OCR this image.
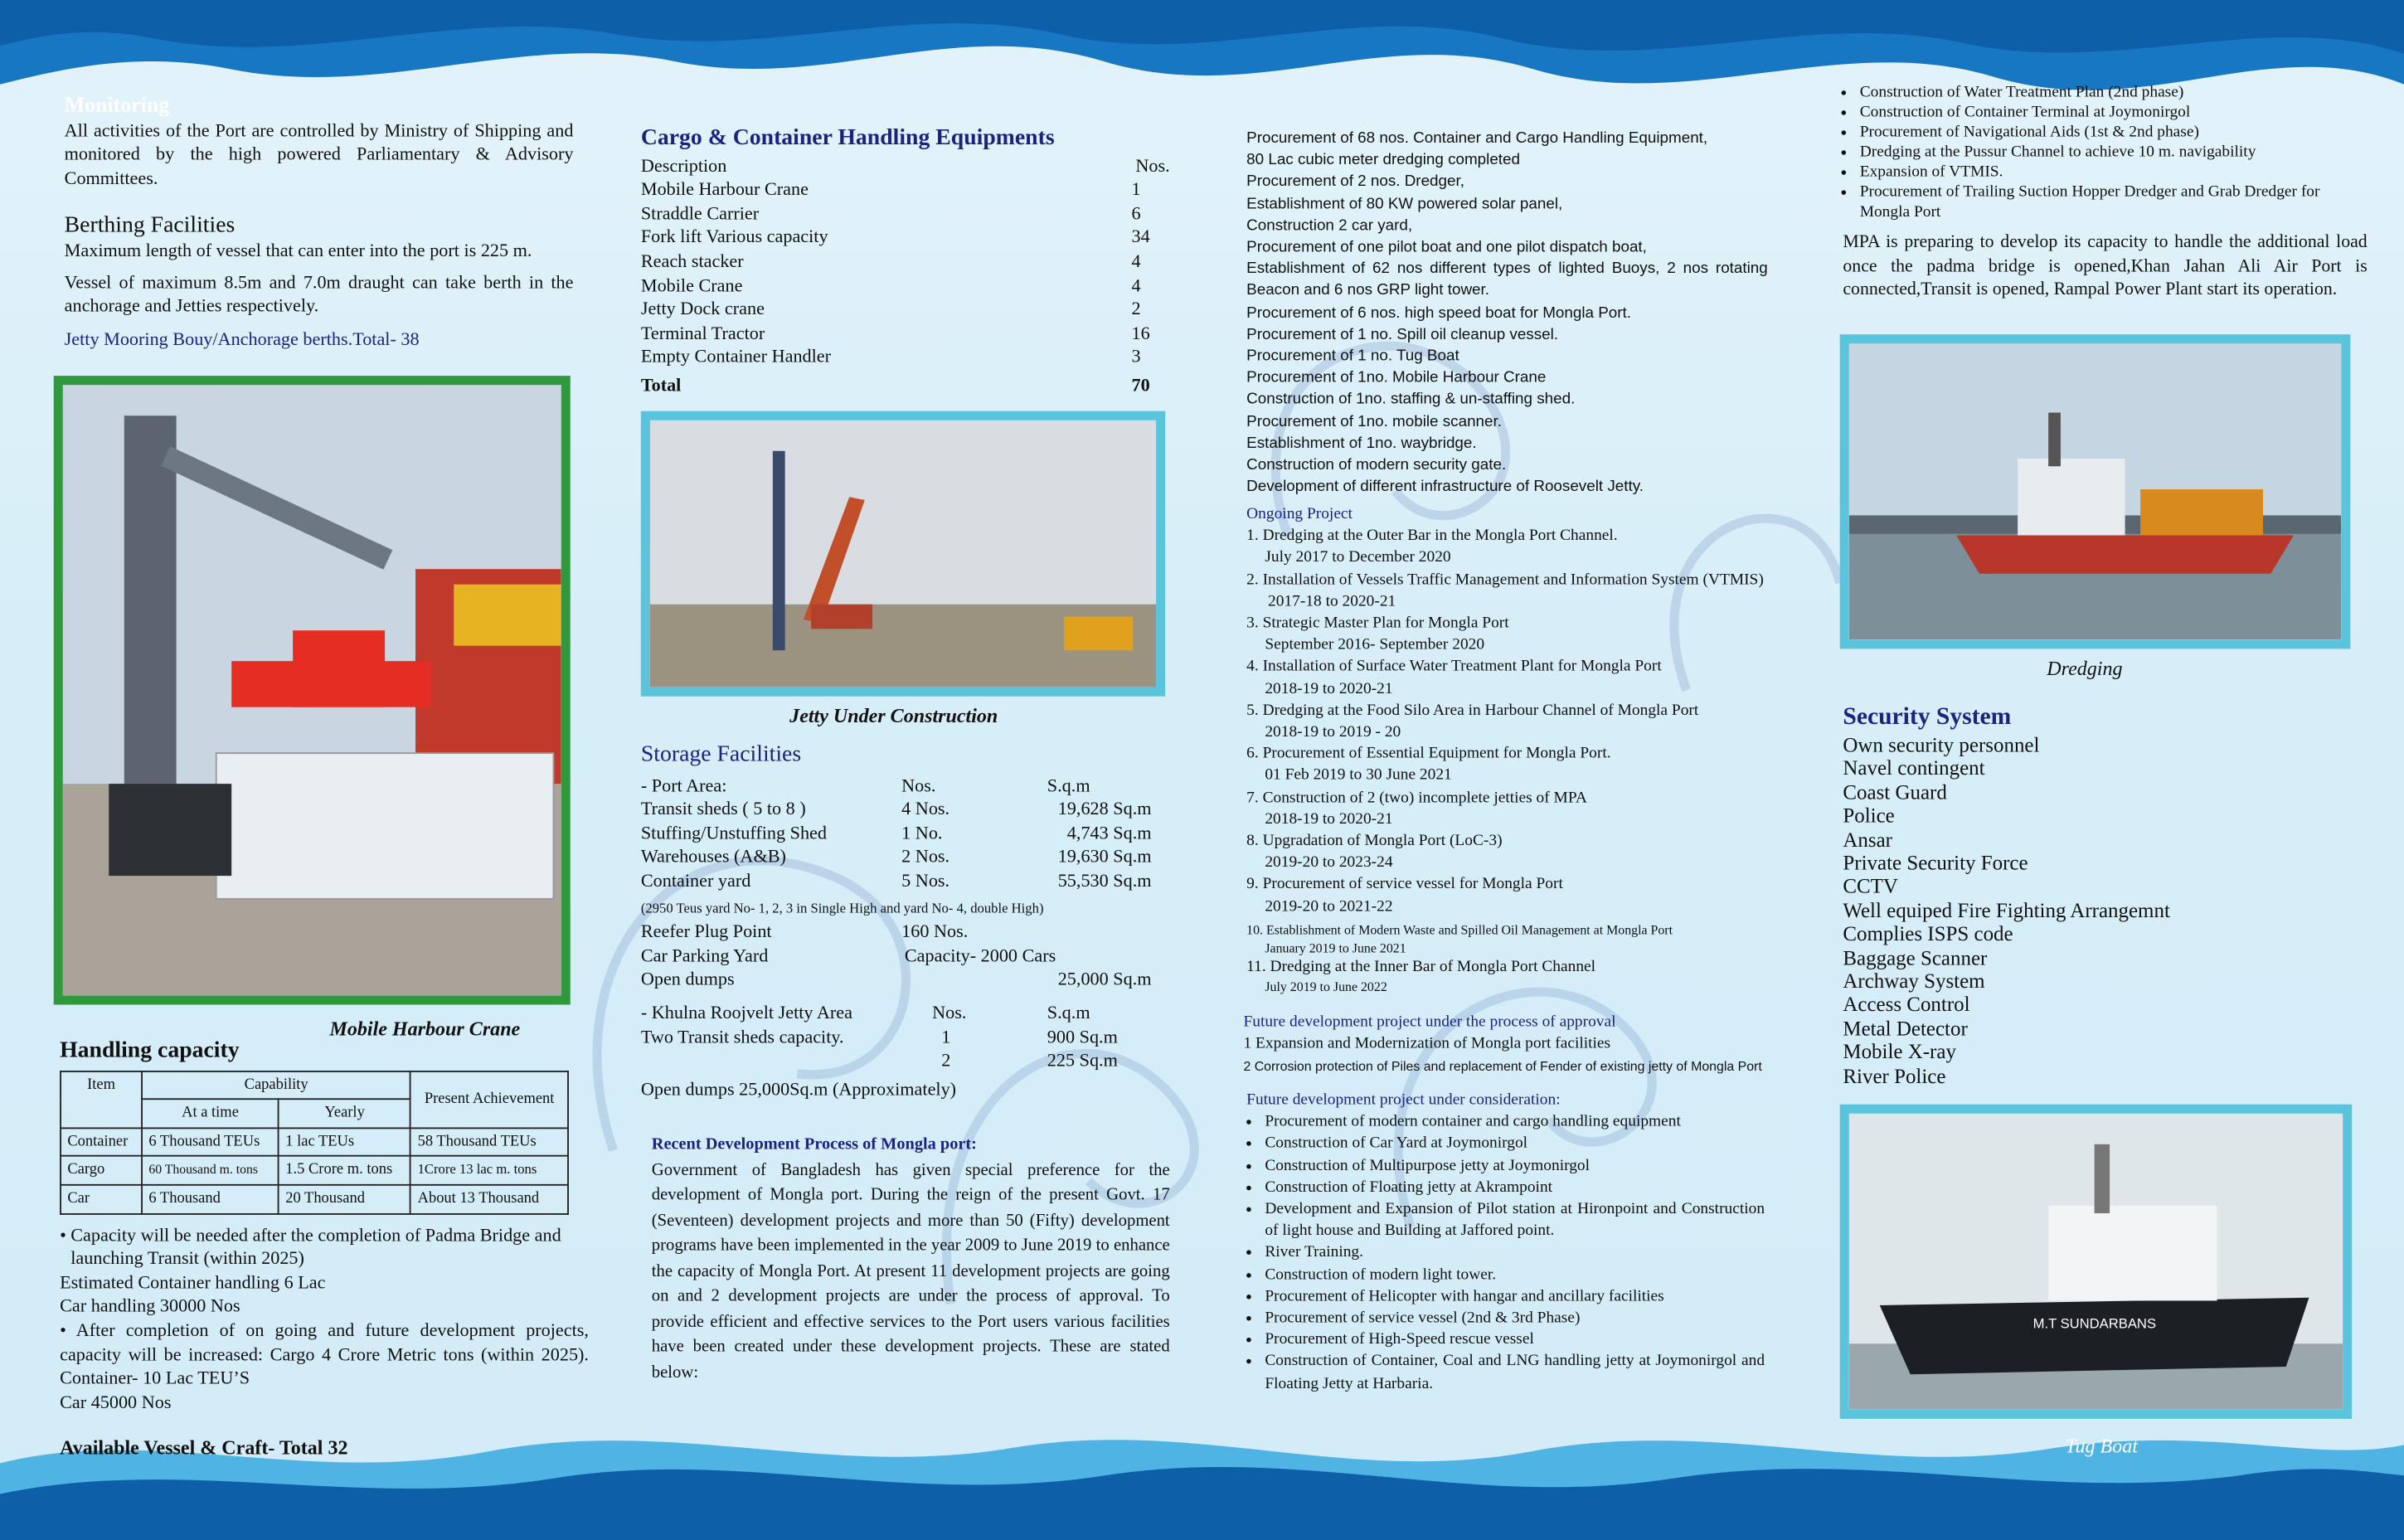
Monitoring
All activities of the Port are controlled by Ministry of Shipping and monitored by the high powered Parliamentary & Advisory Committees.
Berthing Facilities
Maximum length of vessel that can enter into the port is 225 m.
Vessel of maximum 8.5m and 7.0m draught can take berth in the anchorage and Jetties respectively.
Jetty Mooring Bouy/Anchorage berths.Total- 38
Mobile Harbour Crane
Handling capacity
Item	Capability		Present Achievement
	At a time	Yearly	
Container	6 Thousand TEUs	1 lac TEUs	58 Thousand TEUs
Cargo	60 Thousand m. tons	1.5 Crore m. tons	1Crore 13 lac m. tons
Car	6 Thousand	20 Thousand	About 13 Thousand
• Capacity will be needed after the completion of Padma Bridge and launching Transit (within 2025)
Estimated Container handling 6 Lac
Car handling 30000 Nos
• After completion of on going and future development projects, capacity will be increased: Cargo 4 Crore Metric tons (within 2025). Container- 10 Lac TEU’S
Car 45000 Nos
Available Vessel & Craft- Total 32
Cargo & Container Handling Equipments
Description	Nos.
Mobile Harbour Crane	1
Straddle Carrier	6
Fork lift Various capacity	34
Reach stacker	4
Mobile Crane	4
Jetty Dock crane	2
Terminal Tractor	16
Empty Container Handler	3
Total	70
Jetty Under Construction
Storage Facilities
- Port Area:	Nos.	S.q.m
Transit sheds ( 5 to 8 )	4 Nos.	19,628 Sq.m
Stuffing/Unstuffing Shed	1 No.	4,743 Sq.m
Warehouses (A&B)	2 Nos.	19,630 Sq.m
Container yard	5 Nos.	55,530 Sq.m
(2950 Teus yard No- 1, 2, 3 in Single High and yard No- 4, double High)
Reefer Plug Point	160 Nos.
Car Parking Yard	Capacity- 2000 Cars
Open dumps	25,000 Sq.m
- Khulna Roojvelt Jetty Area	Nos.	S.q.m
Two Transit sheds capacity.	1	900 Sq.m
2	225 Sq.m
Open dumps 25,000Sq.m (Approximately)
Recent Development Process of Mongla port:
Government of Bangladesh has given special preference for the development of Mongla port. During the reign of the present Govt. 17 (Seventeen) development projects and more than 50 (Fifty) development programs have been implemented in the year 2009 to June 2019 to enhance the capacity of Mongla Port. At present 11 development projects are going on and 2 development projects are under the process of approval. To provide efficient and effective services to the Port users various facilities have been created under these development projects. These are stated below:
Procurement of 68 nos. Container and Cargo Handling Equipment,
80 Lac cubic meter dredging completed
Procurement of 2 nos. Dredger,
Establishment of 80 KW powered solar panel,
Construction 2 car yard,
Procurement of one pilot boat and one pilot dispatch boat,
Establishment of 62 nos different types of lighted Buoys, 2 nos rotating Beacon and 6 nos GRP light tower.
Procurement of 6 nos. high speed boat for Mongla Port.
Procurement of 1 no. Spill oil cleanup vessel.
Procurement of 1 no. Tug Boat
Procurement of 1no. Mobile Harbour Crane
Construction of 1no. staffing & un-staffing shed.
Procurement of 1no. mobile scanner.
Establishment of 1no. waybridge.
Construction of modern security gate.
Development of different infrastructure of Roosevelt Jetty.
Ongoing Project
1. Dredging at the Outer Bar in the Mongla Port Channel.
July 2017 to December 2020
2. Installation of Vessels Traffic Management and Information System (VTMIS)
2017-18 to 2020-21
3. Strategic Master Plan for Mongla Port
September 2016- September 2020
4. Installation of Surface Water Treatment Plant for Mongla Port
2018-19 to 2020-21
5. Dredging at the Food Silo Area in Harbour Channel of Mongla Port
2018-19 to 2019 - 20
6. Procurement of Essential Equipment for Mongla Port.
01 Feb 2019 to 30 June 2021
7. Construction of 2 (two) incomplete jetties of MPA
2018-19 to 2020-21
8. Upgradation of Mongla Port (LoC-3)
2019-20 to 2023-24
9. Procurement of service vessel for Mongla Port
2019-20 to 2021-22
10. Establishment of Modern Waste and Spilled Oil Management at Mongla Port
January 2019 to June 2021
11. Dredging at the Inner Bar of Mongla Port Channel
July 2019 to June 2022
Future development project under the process of approval
1 Expansion and Modernization of Mongla port facilities
2 Corrosion protection of Piles and replacement of Fender of existing jetty of Mongla Port
Future development project under consideration:
• Procurement of modern container and cargo handling equipment
• Construction of Car Yard at Joymonirgol
• Construction of Multipurpose jetty at Joymonirgol
• Construction of Floating jetty at Akrampoint
• Development and Expansion of Pilot station at Hironpoint and Construction of light house and Building at Jaffored point.
• River Training.
• Construction of modern light tower.
• Procurement of Helicopter with hangar and ancillary facilities
• Procurement of service vessel (2nd & 3rd Phase)
• Procurement of High-Speed rescue vessel
• Construction of Container, Coal and LNG handling jetty at Joymonirgol and Floating Jetty at Harbaria.
• Construction of Water Treatment Plan (2nd phase)
• Construction of Container Terminal at Joymonirgol
• Procurement of Navigational Aids (1st & 2nd phase)
• Dredging at the Pussur Channel to achieve 10 m. navigability
• Expansion of VTMIS.
• Procurement of Trailing Suction Hopper Dredger and Grab Dredger for Mongla Port
MPA is preparing to develop its capacity to handle the additional load once the padma bridge is opened,Khan Jahan Ali Air Port is connected,Transit is opened, Rampal Power Plant start its operation.
Dredging
Security System
Own security personnel
Navel contingent
Coast Guard
Police
Ansar
Private Security Force
CCTV
Well equiped Fire Fighting Arrangemnt
Complies ISPS code
Baggage Scanner
Archway System
Access Control
Metal Detector
Mobile X-ray
River Police
M.T SUNDARBANS
Tug Boat
